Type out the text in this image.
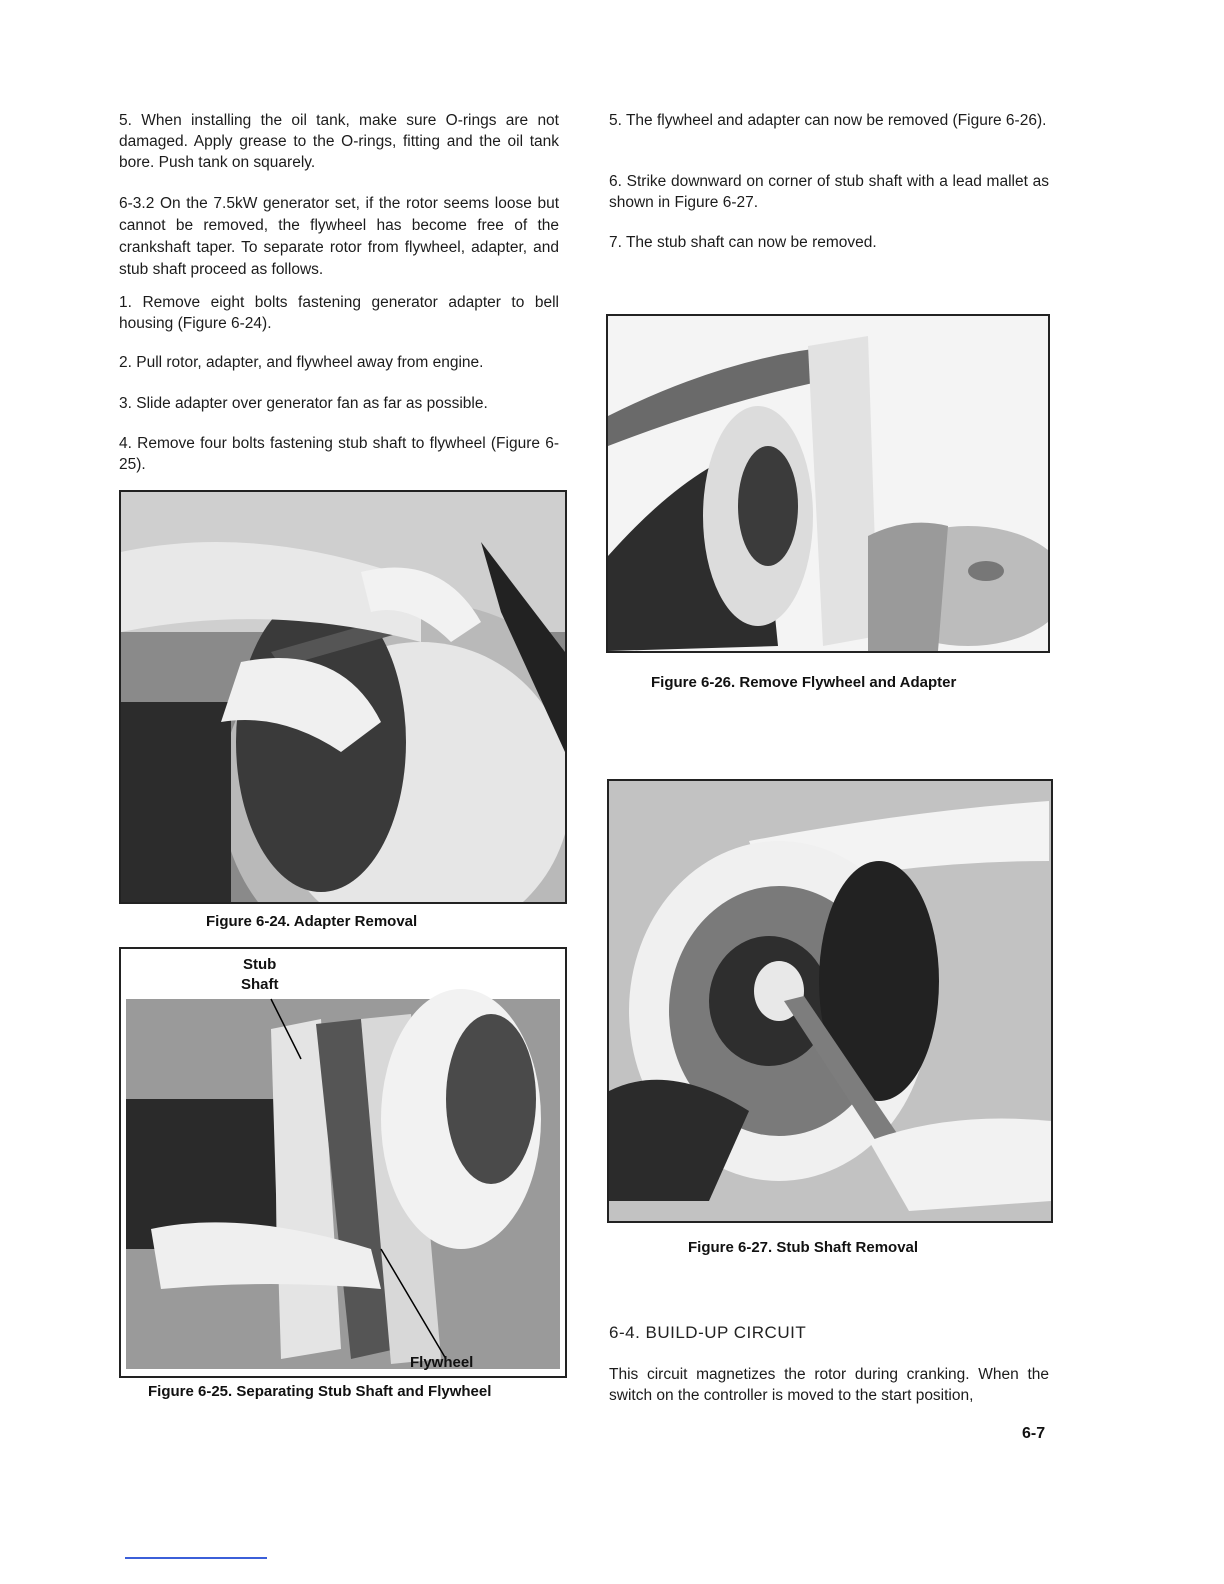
5. When installing the oil tank, make sure O-rings are not damaged. Apply grease to the O-rings, fitting and the oil tank bore. Push tank on squarely.

6-3.2 On the 7.5kW generator set, if the rotor seems loose but cannot be removed, the flywheel has become free of the crankshaft taper. To separate rotor from flywheel, adapter, and stub shaft proceed as follows.

1. Remove eight bolts fastening generator adapter to bell housing (Figure 6-24).

2. Pull rotor, adapter, and flywheel away from engine.

3. Slide adapter over generator fan as far as possible.

4. Remove four bolts fastening stub shaft to flywheel (Figure 6-25).

Figure 6-24. Adapter Removal

Stub

Shaft

Flywheel

Figure 6-25. Separating Stub Shaft and Flywheel

5. The flywheel and adapter can now be removed (Figure 6-26).

6. Strike downward on corner of stub shaft with a lead mallet as shown in Figure 6-27.

7. The stub shaft can now be removed.

Figure 6-26. Remove Flywheel and Adapter

Figure 6-27. Stub Shaft Removal

6-4. BUILD-UP CIRCUIT

This circuit magnetizes the rotor during cranking. When the switch on the controller is moved to the start position,

6-7
